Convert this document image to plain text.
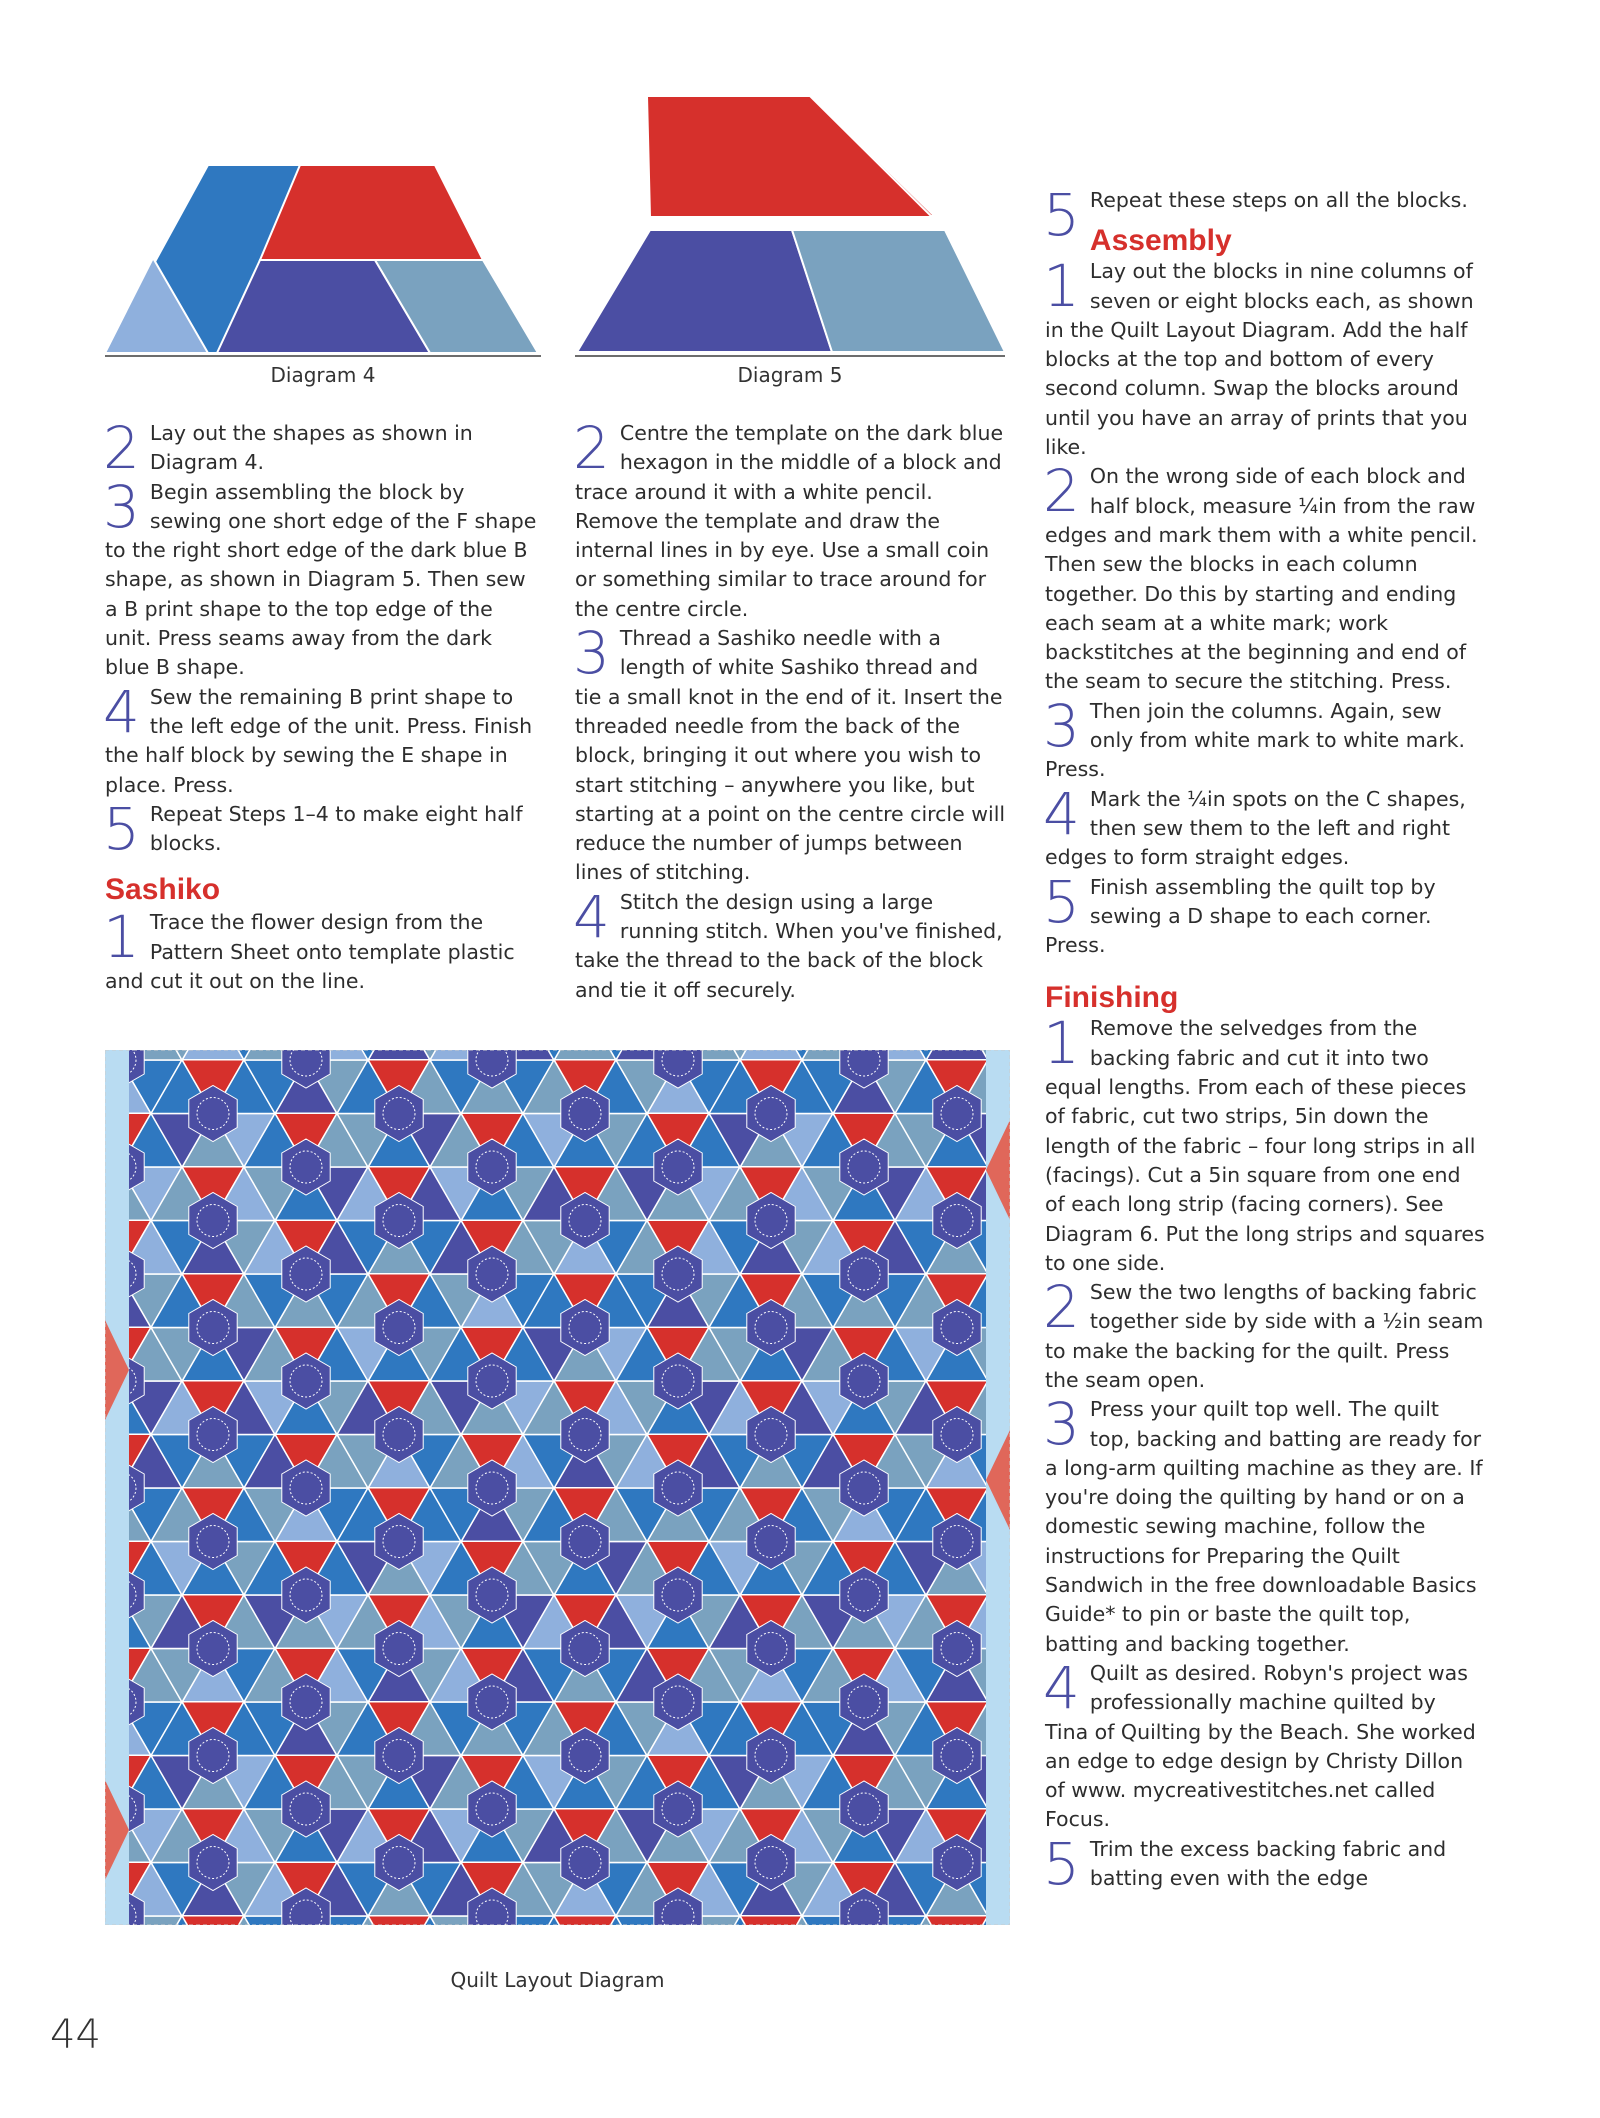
Diagram 4	Diagram 5

2 Lay out the shapes as shown in Diagram 4.

3 Begin assembling the block by sewing one short edge of the F shape to the right short edge of the dark blue B shape, as shown in Diagram 5. Then sew a B print shape to the top edge of the unit. Press seams away from the dark blue B shape.

4 Sew the remaining B print shape to the left edge of the unit. Press. Finish the half block by sewing the E shape in place. Press.

5 Repeat Steps 1–4 to make eight half blocks.

Sashiko

1 Trace the flower design from the Pattern Sheet onto template plastic and cut it out on the line.

2 Centre the template on the dark blue hexagon in the middle of a block and trace around it with a white pencil. Remove the template and draw the internal lines in by eye. Use a small coin or something similar to trace around for the centre circle.

3 Thread a Sashiko needle with a length of white Sashiko thread and tie a small knot in the end of it. Insert the threaded needle from the back of the block, bringing it out where you wish to start stitching – anywhere you like, but starting at a point on the centre circle will reduce the number of jumps between lines of stitching.

4 Stitch the design using a large running stitch. When you've finished, take the thread to the back of the block and tie it off securely.

5 Repeat these steps on all the blocks.

Assembly

1 Lay out the blocks in nine columns of seven or eight blocks each, as shown in the Quilt Layout Diagram. Add the half blocks at the top and bottom of every second column. Swap the blocks around until you have an array of prints that you like.

2 On the wrong side of each block and half block, measure ¼in from the raw edges and mark them with a white pencil. Then sew the blocks in each column together. Do this by starting and ending each seam at a white mark; work backstitches at the beginning and end of the seam to secure the stitching. Press.

3 Then join the columns. Again, sew only from white mark to white mark. Press.

4 Mark the ¼in spots on the C shapes, then sew them to the left and right edges to form straight edges.

5 Finish assembling the quilt top by sewing a D shape to each corner. Press.

Finishing

1 Remove the selvedges from the backing fabric and cut it into two equal lengths. From each of these pieces of fabric, cut two strips, 5in down the length of the fabric – four long strips in all (facings). Cut a 5in square from one end of each long strip (facing corners). See Diagram 6. Put the long strips and squares to one side.

2 Sew the two lengths of backing fabric together side by side with a ½in seam to make the backing for the quilt. Press the seam open.

3 Press your quilt top well. The quilt top, backing and batting are ready for a long-arm quilting machine as they are. If you're doing the quilting by hand or on a domestic sewing machine, follow the instructions for Preparing the Quilt Sandwich in the free downloadable Basics Guide* to pin or baste the quilt top, batting and backing together.

4 Quilt as desired. Robyn's project was professionally machine quilted by Tina of Quilting by the Beach. She worked an edge to edge design by Christy Dillon of www. mycreativestitches.net called Focus.

5 Trim the excess backing fabric and batting even with the edge

Quilt Layout Diagram
44
